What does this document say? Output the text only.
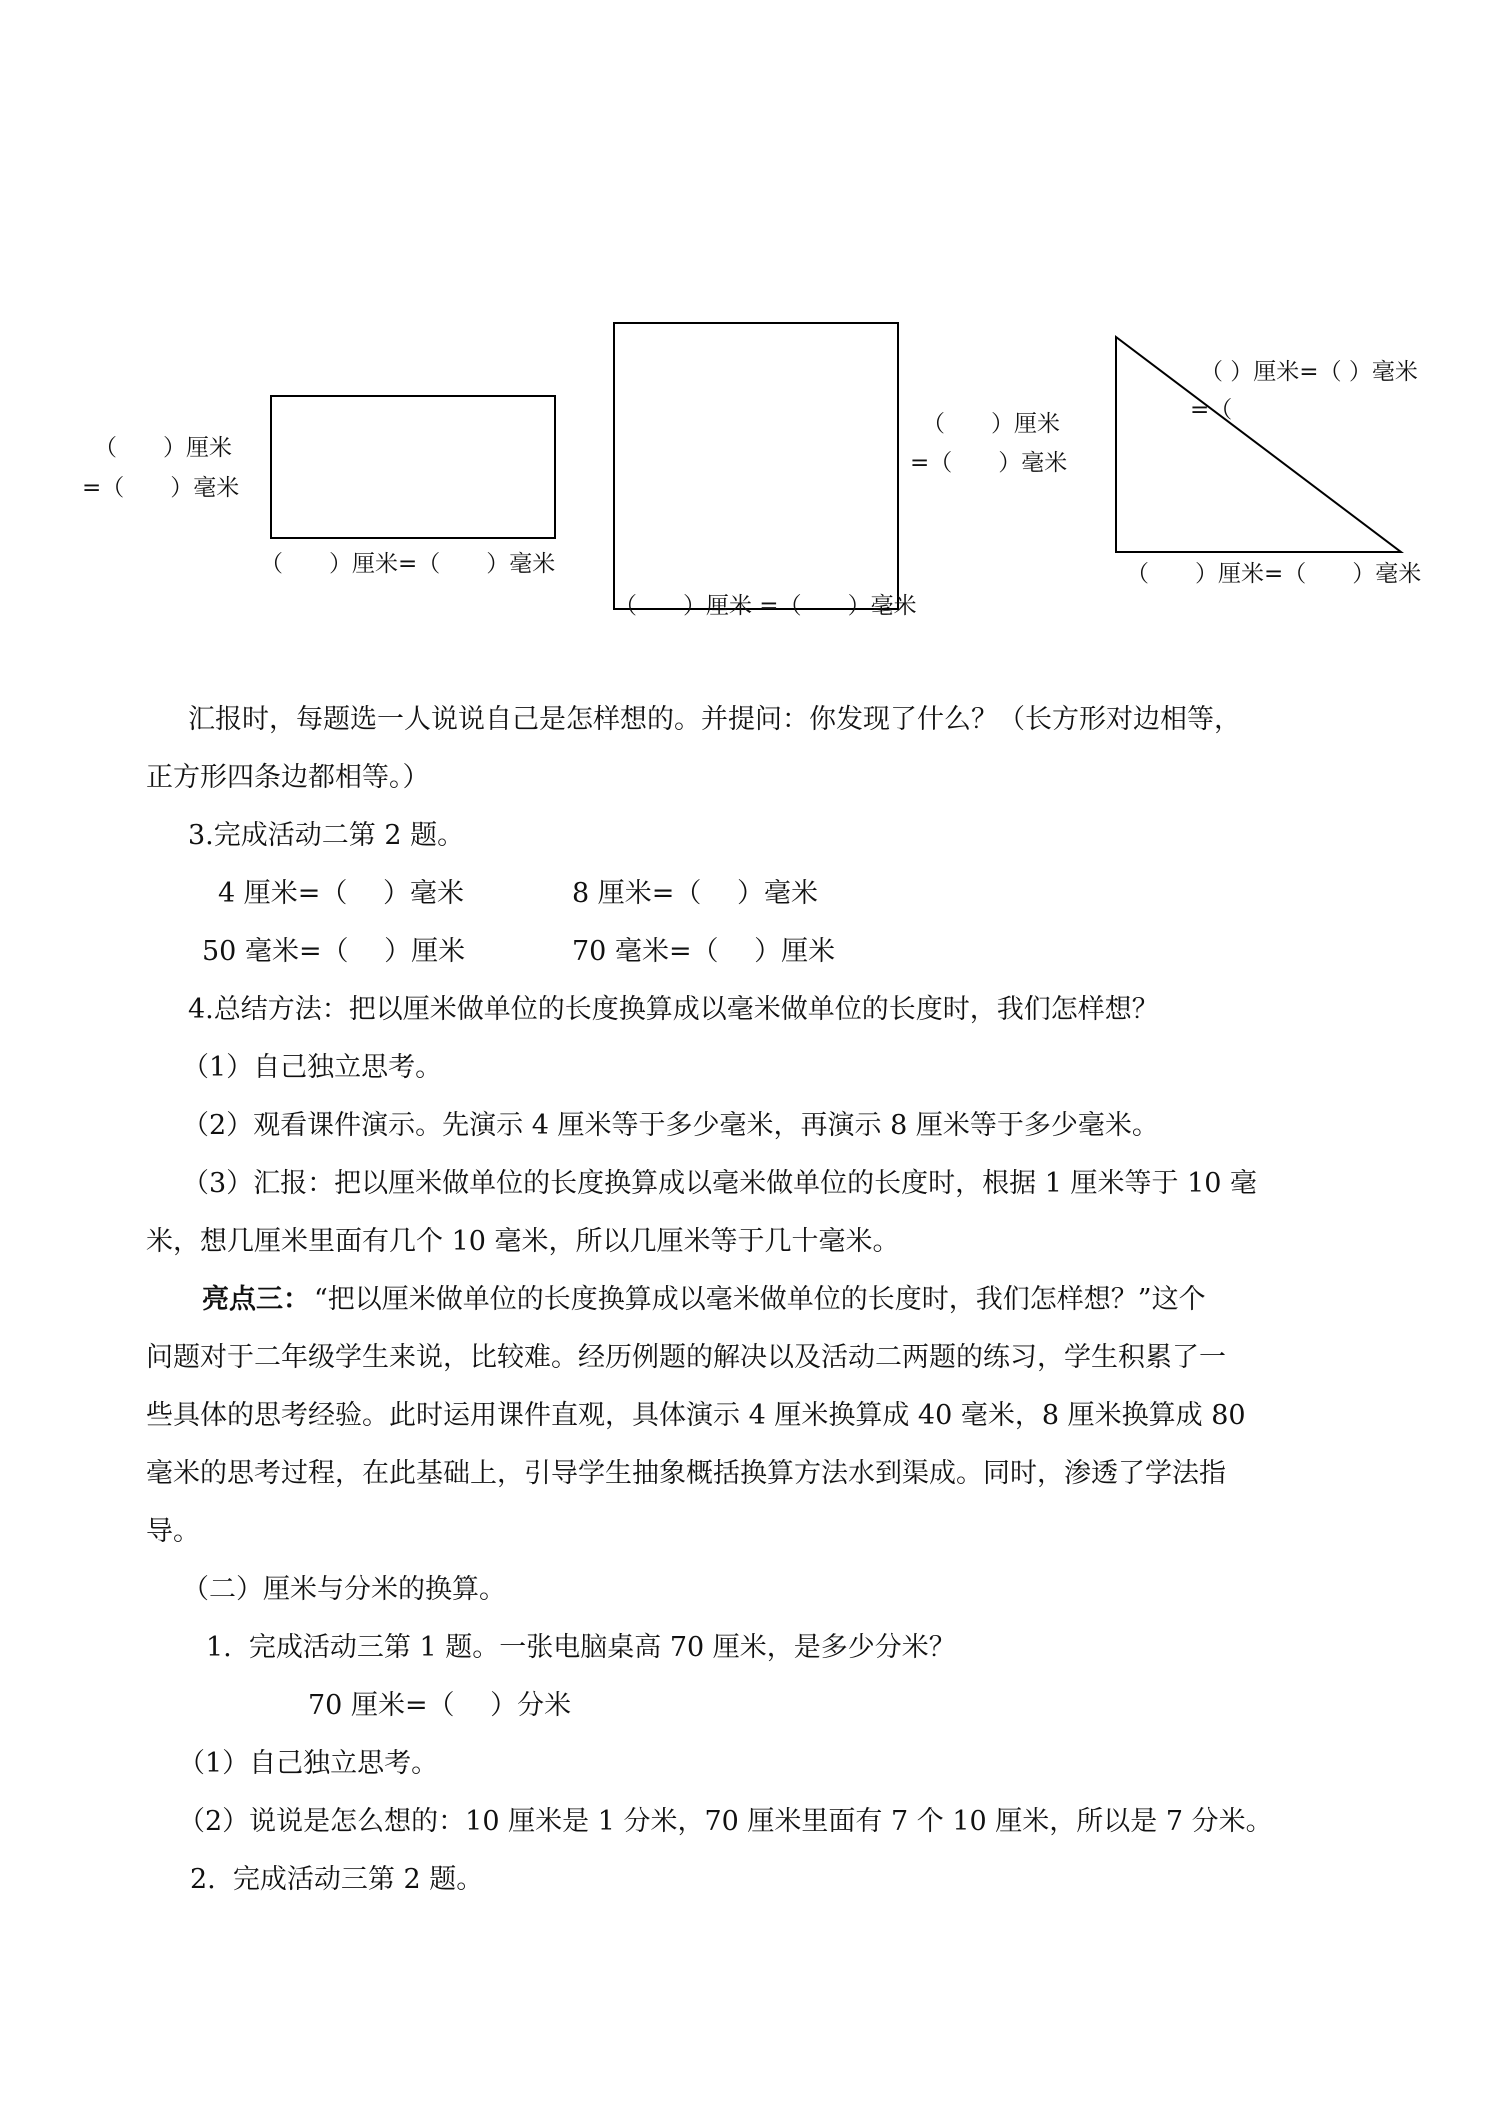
（　　）厘米
=（　　）毫米
（　　）厘米=（　　）毫米
（　　）厘米
=（　　）毫米
（　　）厘米 =（　　）毫米
（ ）厘米=（ ）毫米
=（
（　　）厘米=（　　）毫米
汇报时，每题选一人说说自己是怎样想的。并提问：你发现了什么？（长方形对边相等，
正方形四条边都相等。）
3.完成活动二第 2 题。
4 厘米=（　 ）毫米	8 厘米=（　 ）毫米
50 毫米=（　 ）厘米	70 毫米=（　 ）厘米
4.总结方法：把以厘米做单位的长度换算成以毫米做单位的长度时，我们怎样想？
（1）自己独立思考。
（2）观看课件演示。先演示 4 厘米等于多少毫米，再演示 8 厘米等于多少毫米。
（3）汇报：把以厘米做单位的长度换算成以毫米做单位的长度时，根据 1 厘米等于 10 毫
米，想几厘米里面有几个 10 毫米，所以几厘米等于几十毫米。
亮点三： “把以厘米做单位的长度换算成以毫米做单位的长度时，我们怎样想？”这个
问题对于二年级学生来说，比较难。经历例题的解决以及活动二两题的练习，学生积累了一
些具体的思考经验。此时运用课件直观，具体演示 4 厘米换算成 40 毫米，8 厘米换算成 80
毫米的思考过程，在此基础上，引导学生抽象概括换算方法水到渠成。同时，渗透了学法指
导。
（二）厘米与分米的换算。
1.  完成活动三第 1 题。一张电脑桌高 70 厘米，是多少分米？
70 厘米=（　 ）分米
（1）自己独立思考。
（2）说说是怎么想的：10 厘米是 1 分米，70 厘米里面有 7 个 10 厘米，所以是 7 分米。
2.  完成活动三第 2 题。
